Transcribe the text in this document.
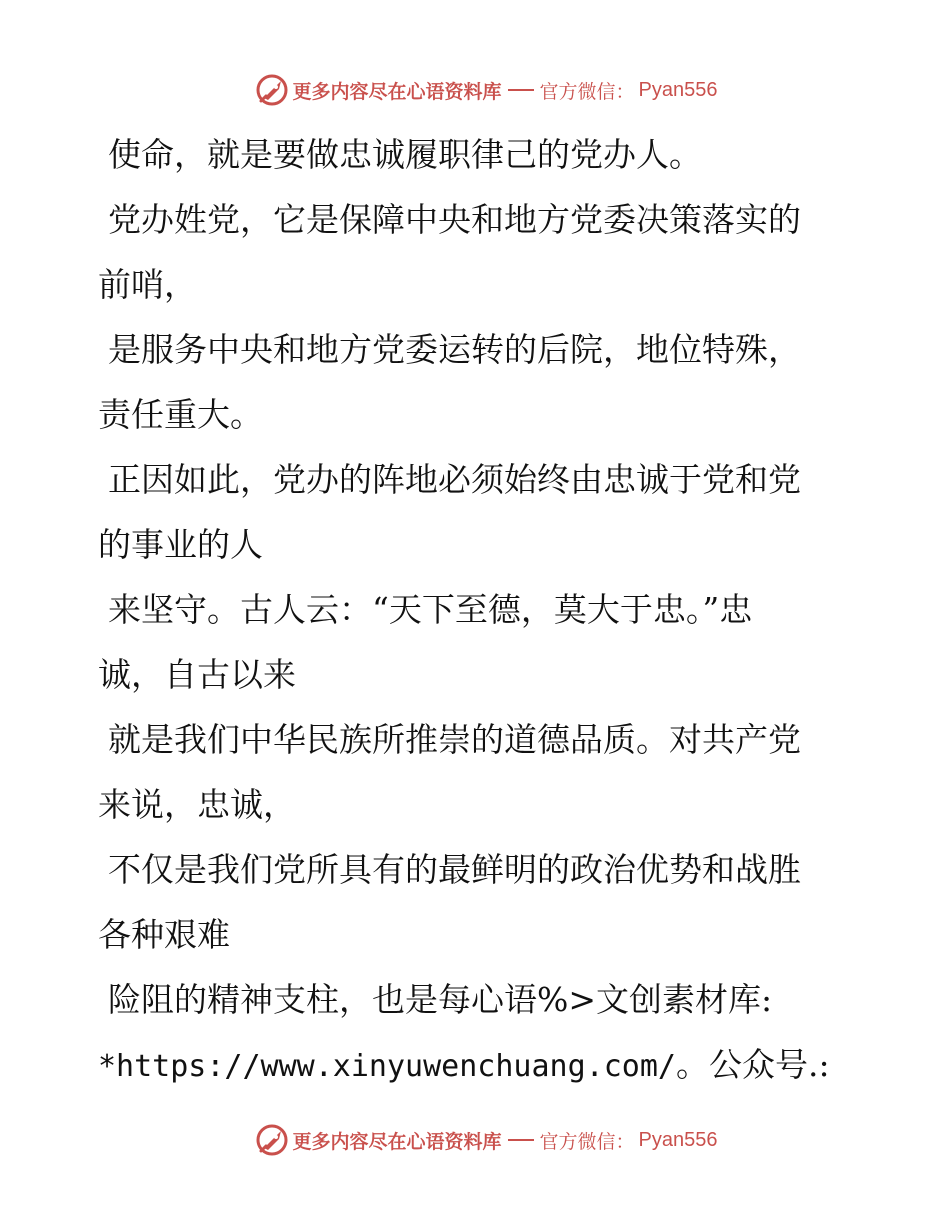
更多内容尽在心语资料库 官方微信： Pyan556

使命，就是要做忠诚履职律己的党办人。

党办姓党，它是保障中央和地方党委决策落实的

前哨，

是服务中央和地方党委运转的后院，地位特殊，

责任重大。

正因如此，党办的阵地必须始终由忠诚于党和党

的事业的人

来坚守。古人云：“天下至德，莫大于忠。”忠

诚，自古以来

就是我们中华民族所推崇的道德品质。对共产党

来说，忠诚，

不仅是我们党所具有的最鲜明的政治优势和战胜

各种艰难

险阻的精神支柱，也是每心语%>文创素材库:

*https://www.xinyuwenchuang.com/。公众号.:

更多内容尽在心语资料库 官方微信： Pyan556
